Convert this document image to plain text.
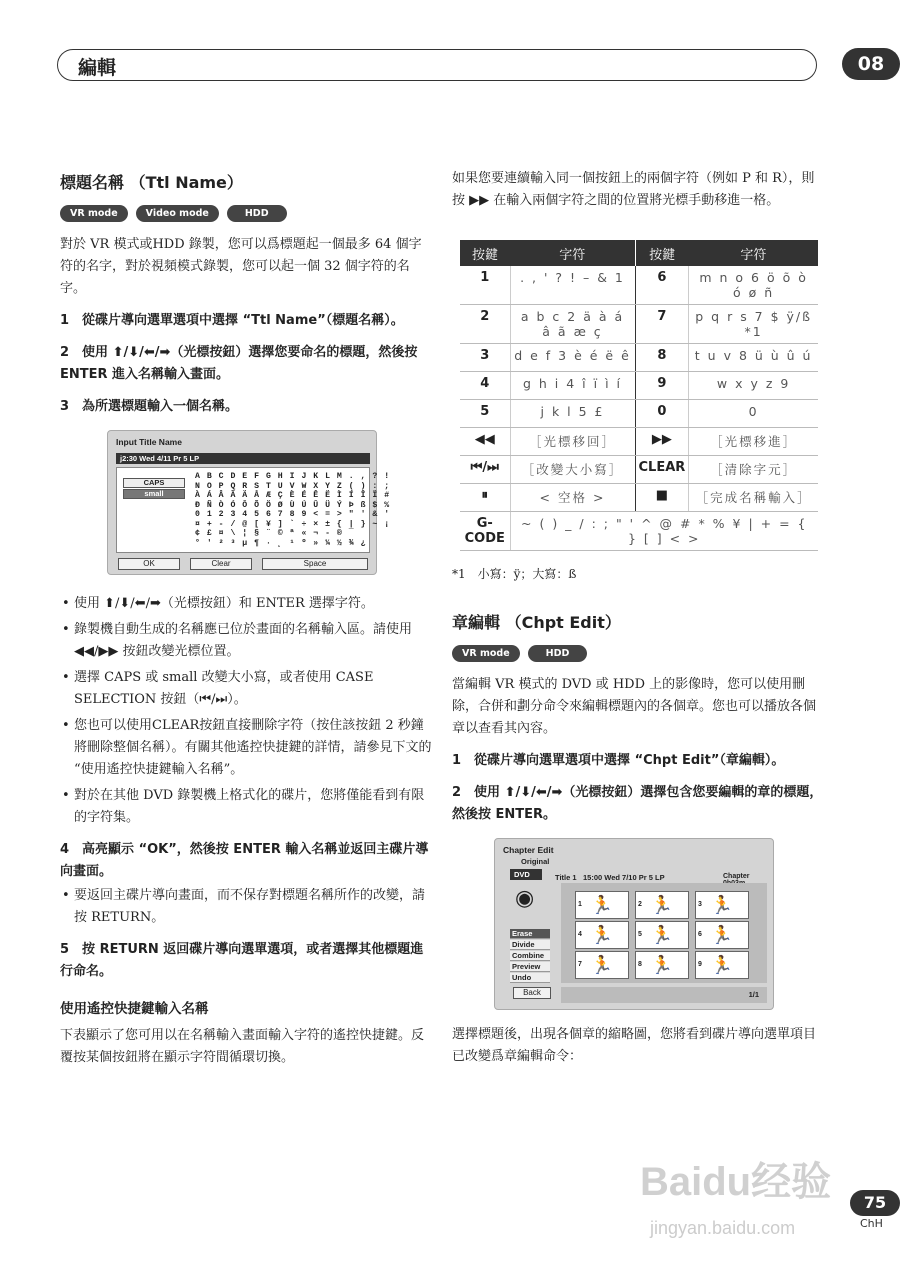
編輯	08
標題名稱 （Ttl Name）
VR mode	Video mode	HDD

對於 VR 模式或HDD 錄製，您可以爲標題起一個最多 64 個字符的名字，對於視頻模式錄製，您可以起一個 32 個字符的名字。

1　從碟片導向選單選項中選擇 “Ttl Name”（標題名稱）。

2　使用 ⬆/⬇/⬅/➡（光標按鈕）選擇您要命名的標題，然後按 ENTER 進入名稱輸入畫面。

3　為所選標題輸入一個名稱。

Input Title Name
j2:30 Wed 4/11 Pr 5 LP
CAPS
small
A B C D E F G H I J K L M . , ? !
N O P Q R S T U V W X Y Z ( ) : ;
À Á Â Ã Ä Å Æ Ç È É Ê Ë Ì Í Î Ï #
Đ Ñ Ò Ó Ô Õ Ö Ø Ù Ú Û Ü Ý Þ ß $ %
0 1 2 3 4 5 6 7 8 9 < = > " ' & '
¤ + - / @ [ ¥ ] ` ÷ × ± { | } ~ ¡
¢ £ ¤ \ ¦ § ¨ © ª « ¬ - ® ¯
° ' ² ³ µ ¶ · ¸ ¹ º » ¼ ½ ¾ ¿
OK	Clear	Space
• 使用 ⬆/⬇/⬅/➡（光標按鈕）和 ENTER 選擇字符。
• 錄製機自動生成的名稱應已位於畫面的名稱輸入區。請使用 ◀◀/▶▶ 按鈕改變光標位置。
• 選擇 CAPS 或 small 改變大小寫，或者使用 CASE SELECTION 按鈕（⏮/⏭）。
• 您也可以使用CLEAR按鈕直接刪除字符（按住該按鈕 2 秒鐘將刪除整個名稱）。有關其他遙控快捷鍵的詳情，請參見下文的 “使用遙控快捷鍵輸入名稱”。
• 對於在其他 DVD 錄製機上格式化的碟片，您將僅能看到有限的字符集。

4　高亮顯示 “OK”，然後按 ENTER 輸入名稱並返回主碟片導向畫面。

• 要返回主碟片導向畫面，而不保存對標題名稱所作的改變，請按 RETURN。

5　按 RETURN 返回碟片導向選單選項，或者選擇其他標題進行命名。

使用遙控快捷鍵輸入名稱

下表顯示了您可用以在名稱輸入畫面輸入字符的遙控快捷鍵。反覆按某個按鈕將在顯示字符間循環切換。

如果您要連續輸入同一個按鈕上的兩個字符（例如 P 和 R），則按 ▶▶ 在輸入兩個字符之間的位置將光標手動移進一格。

按鍵	字符	按鍵	字符
1	. , ' ? ! – & 1	6	m n o 6 ö õ ò ó ø ñ
2	a b c 2 ä à á â ã æ ç	7	p q r s 7 $ ÿ/ß *1
3	d e f 3 è é ë ê	8	t u v 8 ü ù û ú
4	g h i 4 î ï ì í	9	w x y z 9
5	j k l 5 £	0	0
◀◀	［光標移回］	▶▶	［光標移進］
⏮/⏭	［改變大小寫］	CLEAR	［清除字元］
⏸	< 空格 >	■	［完成名稱輸入］
G-CODE	~ ( ) _ / : ; " ' ^ @ # * % ¥ | + = { } [ ] < >		
*1　小寫：ÿ；大寫：ß
章編輯 （Chpt Edit）
VR mode	HDD

當編輯 VR 模式的 DVD 或 HDD 上的影像時，您可以使用刪除，合併和劃分命令來編輯標題內的各個章。您也可以播放各個章以查看其內容。

1　從碟片導向選單選項中選擇 “Chpt Edit”（章編輯）。

2　使用 ⬆/⬇/⬅/➡（光標按鈕）選擇包含您要編輯的章的標題，然後按 ENTER。

Chapter Edit
Original
DVD	Title 1 15:00 Wed 7/10 Pr 5 LP	Chapter
◉
Erase
Divide
Combine
Preview
Undo
Back
1 🏃	2 🏃	3 🏃
4 🏃	5 🏃	6 🏃
7 🏃	8 🏃	9 🏃
1/1

選擇標題後，出現各個章的縮略圖，您將看到碟片導向選單項目已改變爲章編輯命令：

Baidu经验
jingyan.baidu.com
75
ChH
